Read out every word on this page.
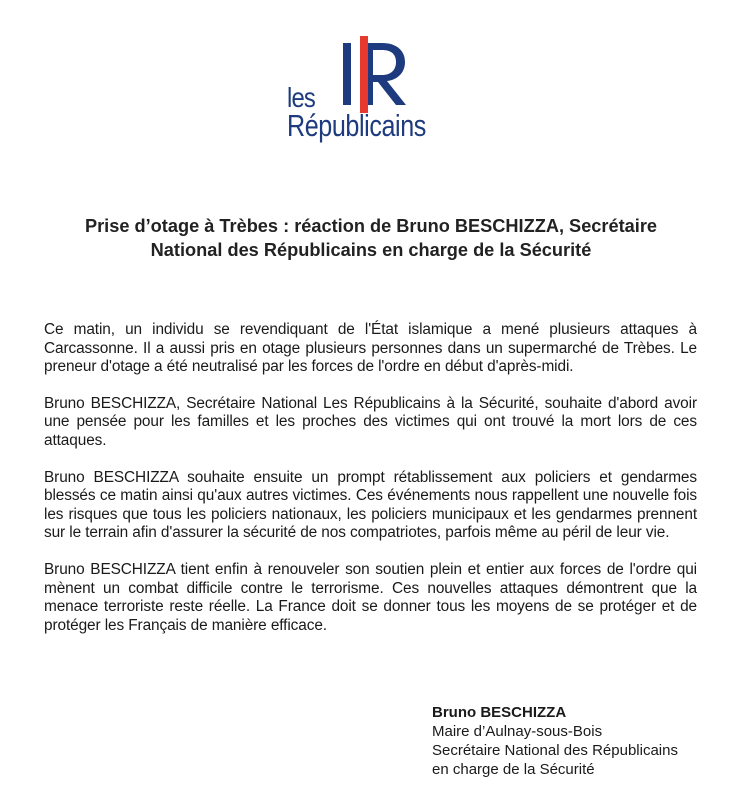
les
Républicains
Prise d’otage à Trèbes : réaction de Bruno BESCHIZZA, Secrétaire
National des Républicains en charge de la Sécurité

Ce matin, un individu se revendiquant de l'État islamique a mené plusieurs attaques à Carcassonne. Il a aussi pris en otage plusieurs personnes dans un supermarché de Trèbes. Le preneur d'otage a été neutralisé par les forces de l'ordre en début d'après-midi.

Bruno BESCHIZZA, Secrétaire National Les Républicains à la Sécurité, souhaite d'abord avoir une pensée pour les familles et les proches des victimes qui ont trouvé la mort lors de ces attaques.

Bruno BESCHIZZA souhaite ensuite un prompt rétablissement aux policiers et gendarmes blessés ce matin ainsi qu'aux autres victimes. Ces événements nous rappellent une nouvelle fois les risques que tous les policiers nationaux, les policiers municipaux et les gendarmes prennent sur le terrain afin d'assurer la sécurité de nos compatriotes, parfois même au péril de leur vie.

Bruno BESCHIZZA tient enfin à renouveler son soutien plein et entier aux forces de l'ordre qui mènent un combat difficile contre le terrorisme. Ces nouvelles attaques démontrent que la menace terroriste reste réelle. La France doit se donner tous les moyens de se protéger et de protéger les Français de manière efficace.

Bruno BESCHIZZA
Maire d’Aulnay-sous-Bois
Secrétaire National des Républicains
en charge de la Sécurité
